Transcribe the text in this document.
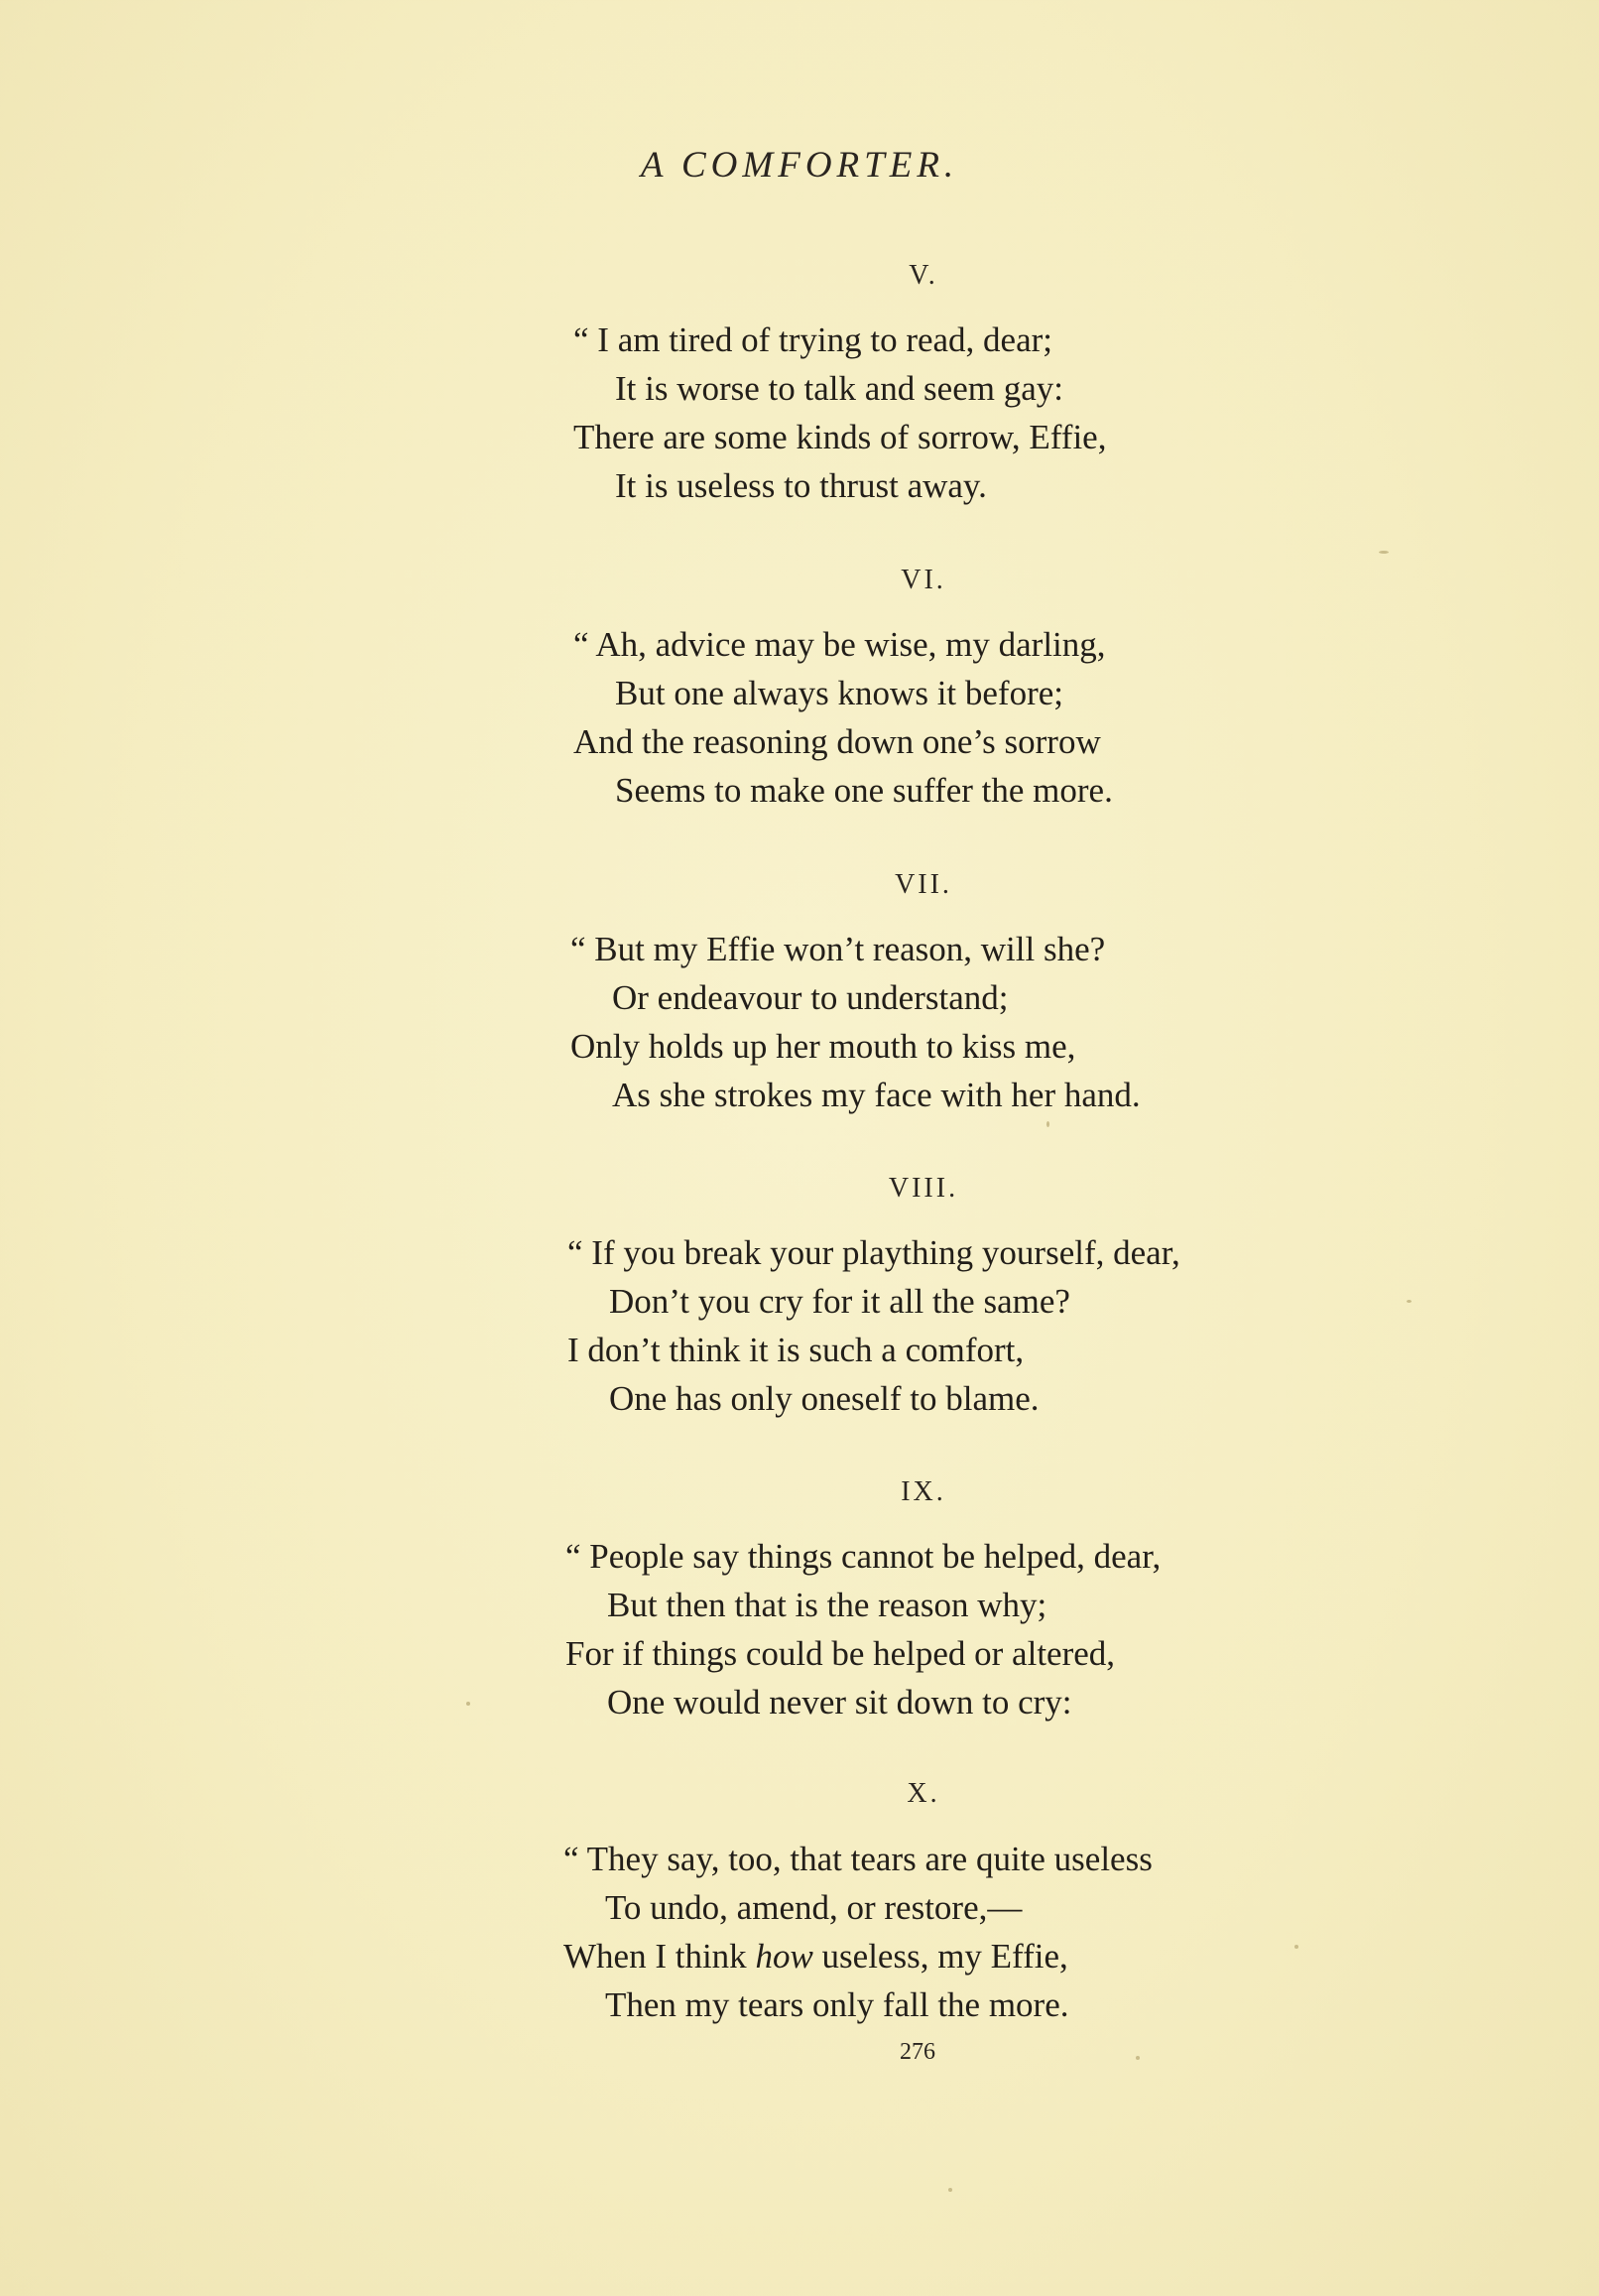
A COMFORTER.
V.
“ I am tired of trying to read, dear;
It is worse to talk and seem gay:
There are some kinds of sorrow, Effie,
It is useless to thrust away.
VI.
“ Ah, advice may be wise, my darling,
But one always knows it before;
And the reasoning down one’s sorrow
Seems to make one suffer the more.
VII.
“ But my Effie won’t reason, will she?
Or endeavour to understand;
Only holds up her mouth to kiss me,
As she strokes my face with her hand.
VIII.
“ If you break your plaything yourself, dear,
Don’t you cry for it all the same?
I don’t think it is such a comfort,
One has only oneself to blame.
IX.
“ People say things cannot be helped, dear,
But then that is the reason why;
For if things could be helped or altered,
One would never sit down to cry:
X.
“ They say, too, that tears are quite useless
To undo, amend, or restore,—
When I think how useless, my Effie,
Then my tears only fall the more.
276
